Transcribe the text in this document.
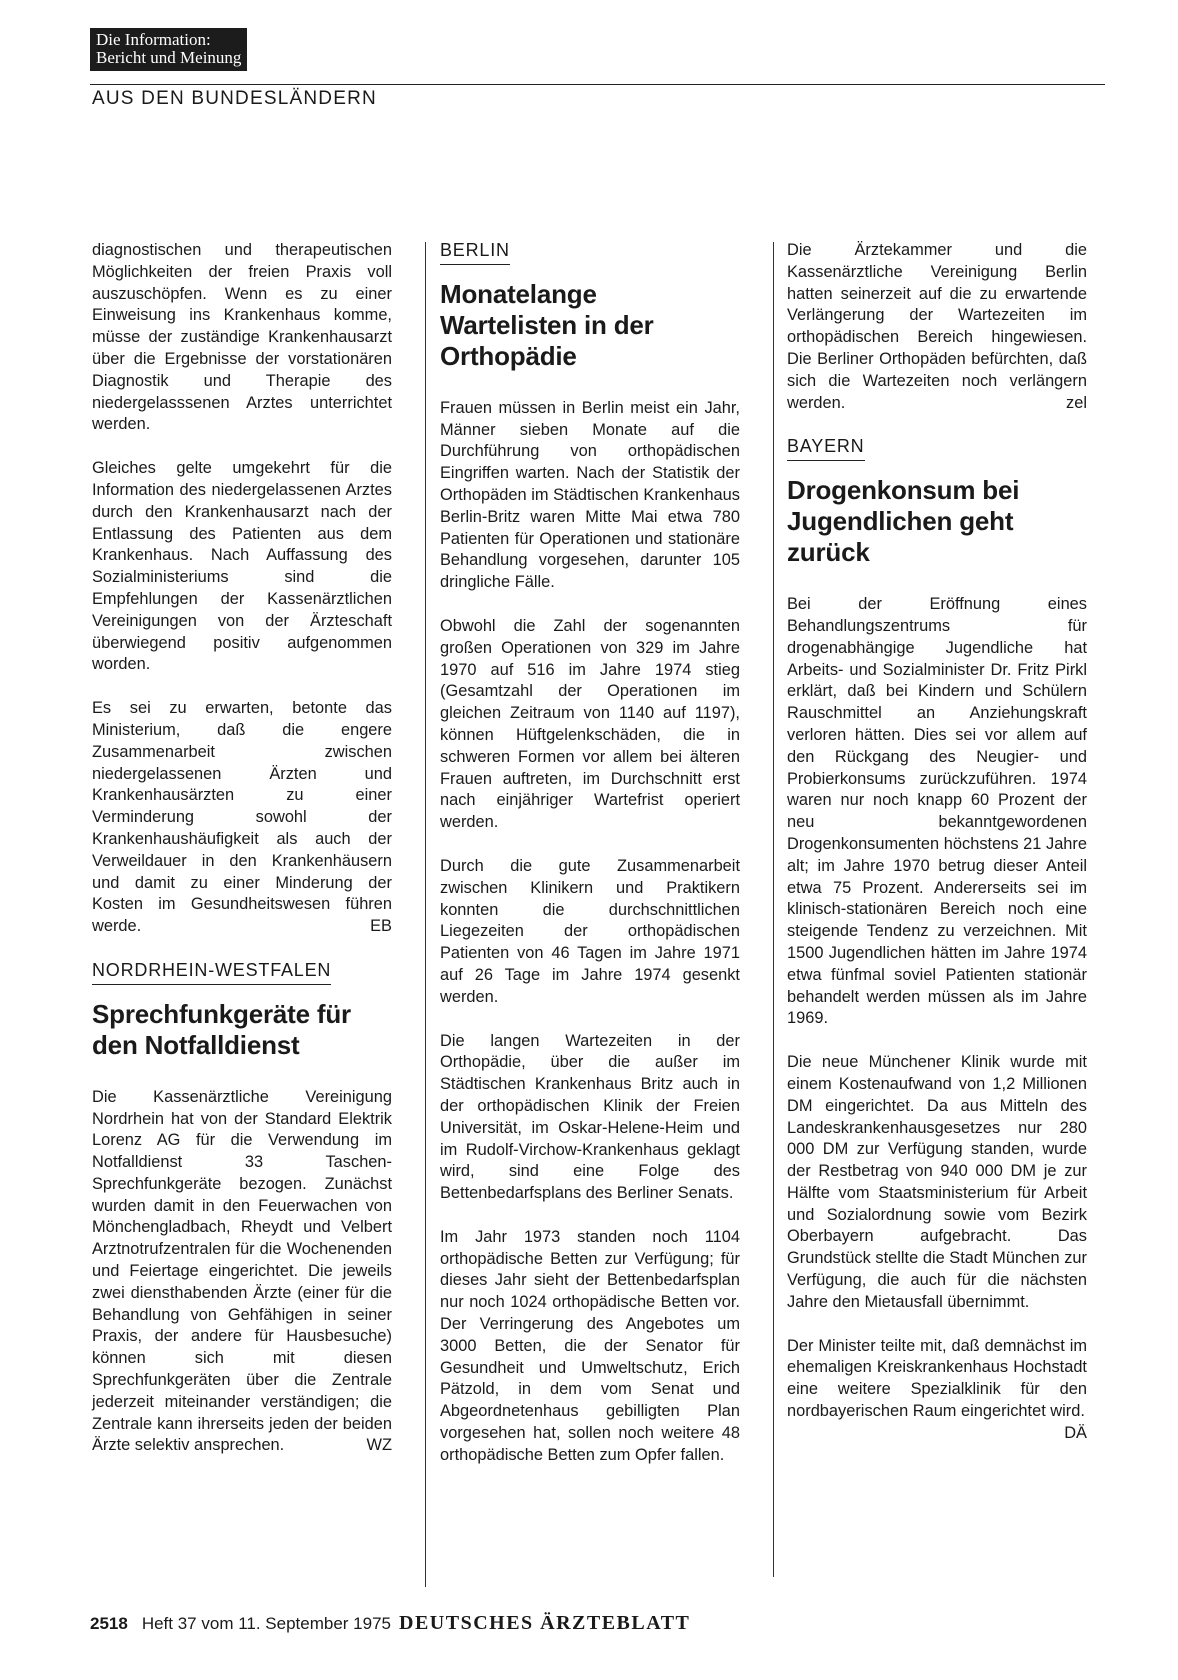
Die Information:
Bericht und Meinung
AUS DEN BUNDESLÄNDERN

diagnostischen und therapeutischen Möglichkeiten der freien Praxis voll auszuschöpfen. Wenn es zu einer Einweisung ins Krankenhaus komme, müsse der zuständige Krankenhausarzt über die Ergebnisse der vorstationären Diagnostik und Therapie des niedergelasssenen Arztes unterrichtet werden.

Gleiches gelte umgekehrt für die Information des niedergelassenen Arztes durch den Krankenhausarzt nach der Entlassung des Patienten aus dem Krankenhaus. Nach Auffassung des Sozialministeriums sind die Empfehlungen der Kassenärztlichen Vereinigungen von der Ärzteschaft überwiegend positiv aufgenommen worden.

Es sei zu erwarten, betonte das Ministerium, daß die engere Zusammenarbeit zwischen niedergelassenen Ärzten und Krankenhausärzten zu einer Verminderung sowohl der Krankenhaushäufigkeit als auch der Verweildauer in den Krankenhäusern und damit zu einer Minderung der Kosten im Gesundheitswesen führen werde.	EB

NORDRHEIN-WESTFALEN
Sprechfunkgeräte für den Notfalldienst

Die Kassenärztliche Vereinigung Nordrhein hat von der Standard Elektrik Lorenz AG für die Verwendung im Notfalldienst 33 Taschen-Sprechfunkgeräte bezogen. Zunächst wurden damit in den Feuerwachen von Mönchengladbach, Rheydt und Velbert Arztnotrufzentralen für die Wochenenden und Feiertage eingerichtet. Die jeweils zwei diensthabenden Ärzte (einer für die Behandlung von Gehfähigen in seiner Praxis, der andere für Hausbesuche) können sich mit diesen Sprechfunkgeräten über die Zentrale jederzeit miteinander verständigen; die Zentrale kann ihrerseits jeden der beiden Ärzte selektiv ansprechen.	WZ

BERLIN
Monatelange Wartelisten in der Orthopädie

Frauen müssen in Berlin meist ein Jahr, Männer sieben Monate auf die Durchführung von orthopädischen Eingriffen warten. Nach der Statistik der Orthopäden im Städtischen Krankenhaus Berlin-Britz waren Mitte Mai etwa 780 Patienten für Operationen und stationäre Behandlung vorgesehen, darunter 105 dringliche Fälle.

Obwohl die Zahl der sogenannten großen Operationen von 329 im Jahre 1970 auf 516 im Jahre 1974 stieg (Gesamtzahl der Operationen im gleichen Zeitraum von 1140 auf 1197), können Hüftgelenkschäden, die in schweren Formen vor allem bei älteren Frauen auftreten, im Durchschnitt erst nach einjähriger Wartefrist operiert werden.

Durch die gute Zusammenarbeit zwischen Klinikern und Praktikern konnten die durchschnittlichen Liegezeiten der orthopädischen Patienten von 46 Tagen im Jahre 1971 auf 26 Tage im Jahre 1974 gesenkt werden.

Die langen Wartezeiten in der Orthopädie, über die außer im Städtischen Krankenhaus Britz auch in der orthopädischen Klinik der Freien Universität, im Oskar-Helene-Heim und im Rudolf-Virchow-Krankenhaus geklagt wird, sind eine Folge des Bettenbedarfsplans des Berliner Senats.

Im Jahr 1973 standen noch 1104 orthopädische Betten zur Verfügung; für dieses Jahr sieht der Bettenbedarfsplan nur noch 1024 orthopädische Betten vor. Der Verringerung des Angebotes um 3000 Betten, die der Senator für Gesundheit und Umweltschutz, Erich Pätzold, in dem vom Senat und Abgeordnetenhaus gebilligten Plan vorgesehen hat, sollen noch weitere 48 orthopädische Betten zum Opfer fallen.

Die Ärztekammer und die Kassenärztliche Vereinigung Berlin hatten seinerzeit auf die zu erwartende Verlängerung der Wartezeiten im orthopädischen Bereich hingewiesen. Die Berliner Orthopäden befürchten, daß sich die Wartezeiten noch verlängern werden.	zel

BAYERN
Drogenkonsum bei Jugendlichen geht zurück

Bei der Eröffnung eines Behandlungszentrums für drogenabhängige Jugendliche hat Arbeits- und Sozialminister Dr. Fritz Pirkl erklärt, daß bei Kindern und Schülern Rauschmittel an Anziehungskraft verloren hätten. Dies sei vor allem auf den Rückgang des Neugier- und Probierkonsums zurückzuführen. 1974 waren nur noch knapp 60 Prozent der neu bekanntgewordenen Drogenkonsumenten höchstens 21 Jahre alt; im Jahre 1970 betrug dieser Anteil etwa 75 Prozent. Andererseits sei im klinisch-stationären Bereich noch eine steigende Tendenz zu verzeichnen. Mit 1500 Jugendlichen hätten im Jahre 1974 etwa fünfmal soviel Patienten stationär behandelt werden müssen als im Jahre 1969.

Die neue Münchener Klinik wurde mit einem Kostenaufwand von 1,2 Millionen DM eingerichtet. Da aus Mitteln des Landeskrankenhausgesetzes nur 280 000 DM zur Verfügung standen, wurde der Restbetrag von 940 000 DM je zur Hälfte vom Staatsministerium für Arbeit und Sozialordnung sowie vom Bezirk Oberbayern aufgebracht. Das Grundstück stellte die Stadt München zur Verfügung, die auch für die nächsten Jahre den Mietausfall übernimmt.

Der Minister teilte mit, daß demnächst im ehemaligen Kreiskrankenhaus Hochstadt eine weitere Spezialklinik für den nordbayerischen Raum eingerichtet wird.
DÄ

2518 Heft 37 vom 11. September 1975 DEUTSCHES ÄRZTEBLATT
